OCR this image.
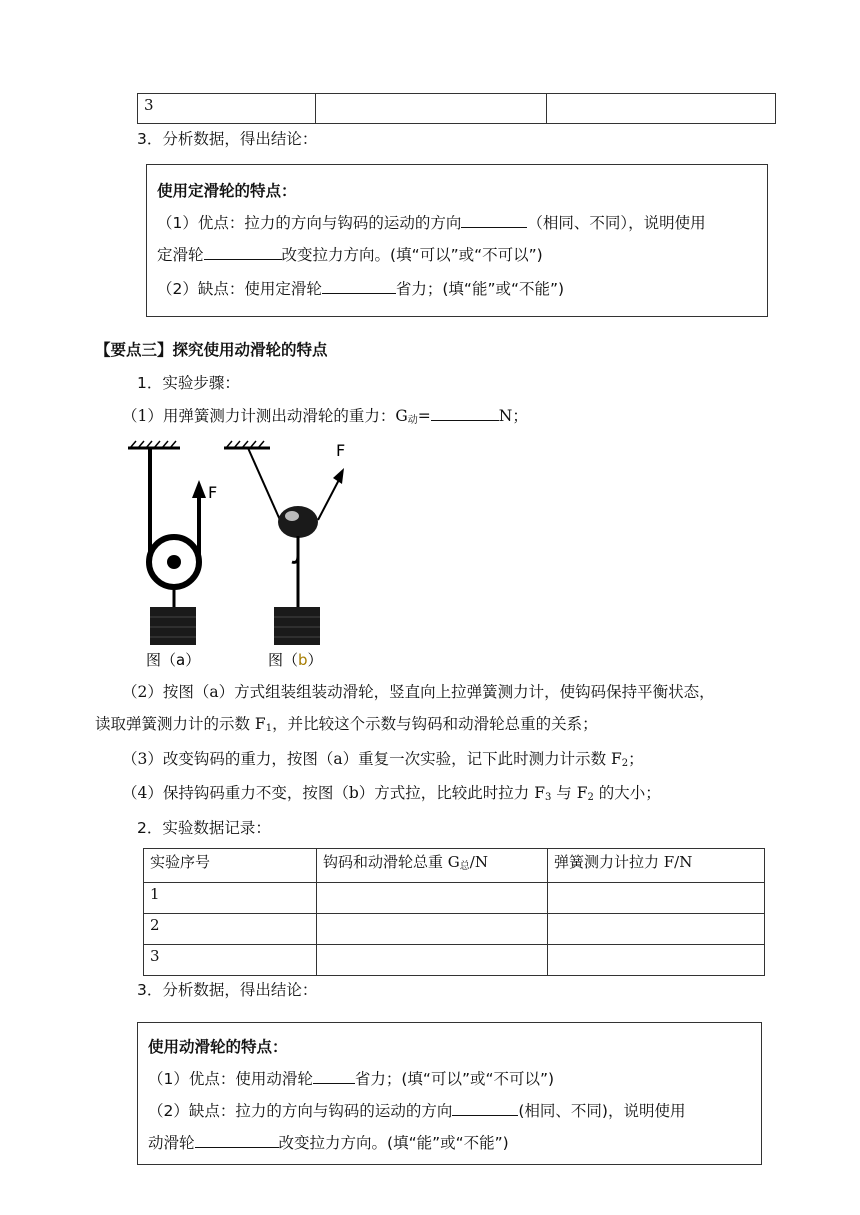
3		
3．分析数据，得出结论：
使用定滑轮的特点：
（1）优点：拉力的方向与钩码的运动的方向	（相同、不同），说明使用
定滑轮	改变拉力方向。(填“可以”或“不可以”)
（2）缺点：使用定滑轮	省力；(填“能”或“不能”)
【要点三】探究使用动滑轮的特点
1．实验步骤：
（1）用弹簧测力计测出动滑轮的重力：G动=	N；
F
图（a）
F
图（b）
（2）按图（a）方式组装组装动滑轮，竖直向上拉弹簧测力计，使钩码保持平衡状态，
读取弹簧测力计的示数 F1，并比较这个示数与钩码和动滑轮总重的关系；
（3）改变钩码的重力，按图（a）重复一次实验，记下此时测力计示数 F2；
（4）保持钩码重力不变，按图（b）方式拉，比较此时拉力 F3 与 F2 的大小；
2．实验数据记录：
实验序号	钩码和动滑轮总重 G总/N	弹簧测力计拉力 F/N
1		
2		
3		
3．分析数据，得出结论：
使用动滑轮的特点：
（1）优点：使用动滑轮	省力；(填“可以”或“不可以”)
（2）缺点：拉力的方向与钩码的运动的方向	(相同、不同)，说明使用
动滑轮	改变拉力方向。(填“能”或“不能”)
